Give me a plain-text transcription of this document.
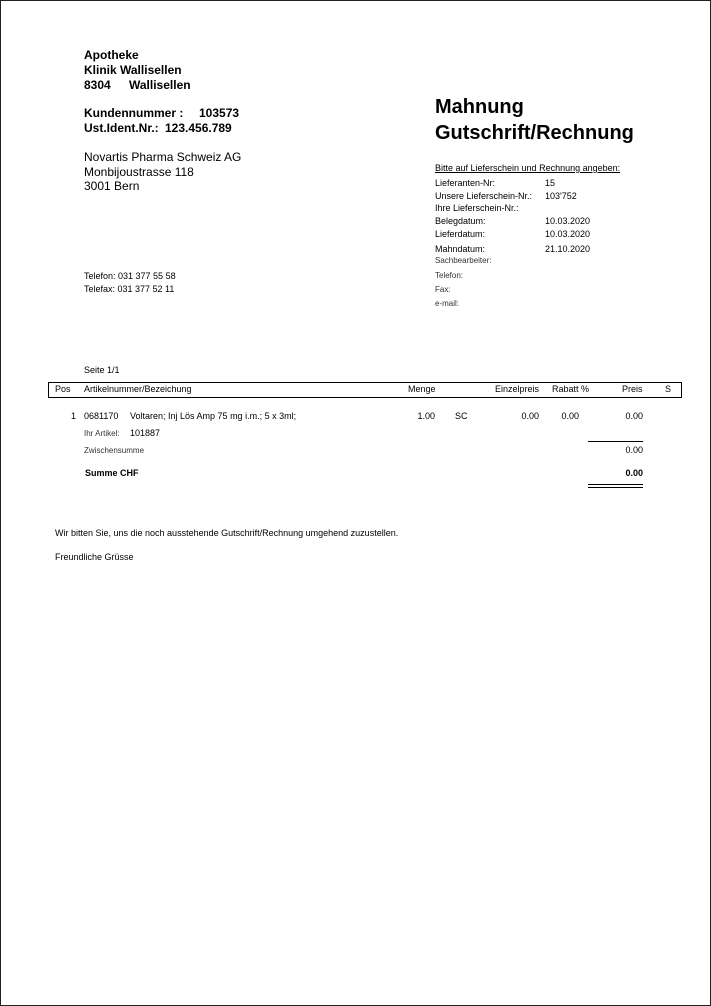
Apotheke
Klinik Wallisellen
8304 Wallisellen
Kundennummer : 103573
Ust.Ident.Nr.: 123.456.789
Novartis Pharma Schweiz AG
Monbijoustrasse 118
3001 Bern
Telefon: 031 377 55 58
Telefax: 031 377 52 11
Mahnung
Gutschrift/Rechnung
Bitte auf Lieferschein und Rechnung angeben:
Lieferanten-Nr:	15
Unsere Lieferschein-Nr.: 103'752
Ihre Lieferschein-Nr.:
Belegdatum:	10.03.2020
Lieferdatum:	10.03.2020
Mahndatum:	21.10.2020
Sachbearbeiter:
Telefon:
Fax:
e-mail:
Seite 1/1
Pos Artikelnummer/Bezeichung	Menge	Einzelpreis Rabatt %	Preis S
1 0681170 Voltaren; Inj Lös Amp 75 mg i.m.; 5 x 3ml;	1.00 SC	0.00	0.00	0.00
Ihr Artikel: 101887
Zwischensumme	0.00
Summe CHF	0.00
Wir bitten Sie, uns die noch ausstehende Gutschrift/Rechnung umgehend zuzustellen.
Freundliche Grüsse
